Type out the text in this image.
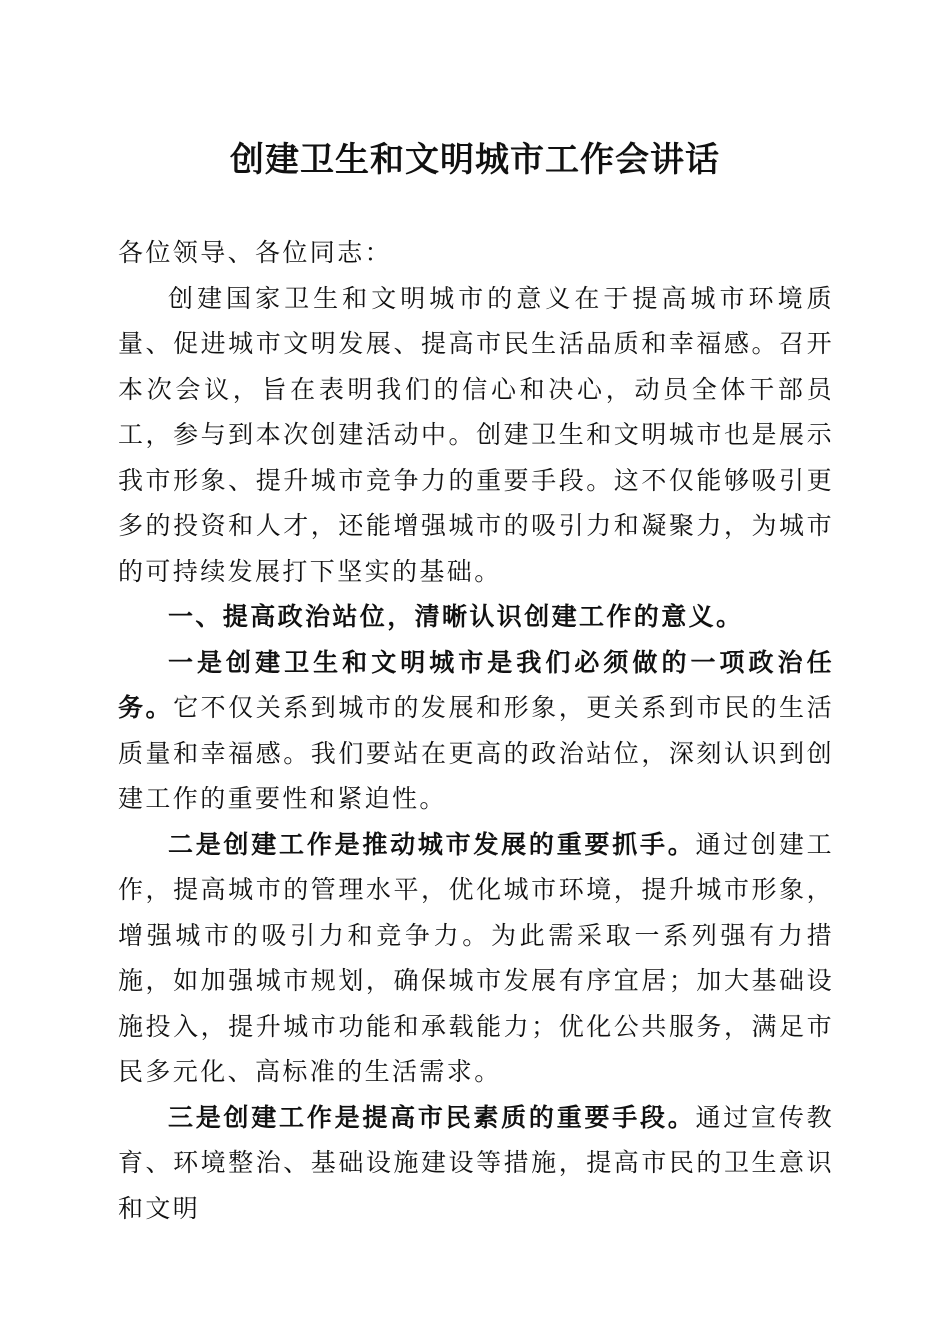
创建卫生和文明城市工作会讲话

各位领导、各位同志：

创建国家卫生和文明城市的意义在于提高城市环境质量、促进城市文明发展、提高市民生活品质和幸福感。召开本次会议，旨在表明我们的信心和决心，动员全体干部员工，参与到本次创建活动中。创建卫生和文明城市也是展示我市形象、提升城市竞争力的重要手段。这不仅能够吸引更多的投资和人才，还能增强城市的吸引力和凝聚力，为城市的可持续发展打下坚实的基础。

一、提高政治站位，清晰认识创建工作的意义。

一是创建卫生和文明城市是我们必须做的一项政治任务。它不仅关系到城市的发展和形象，更关系到市民的生活质量和幸福感。我们要站在更高的政治站位，深刻认识到创建工作的重要性和紧迫性。

二是创建工作是推动城市发展的重要抓手。通过创建工作，提高城市的管理水平，优化城市环境，提升城市形象，增强城市的吸引力和竞争力。为此需采取一系列强有力措施，如加强城市规划，确保城市发展有序宜居；加大基础设施投入，提升城市功能和承载能力；优化公共服务，满足市民多元化、高标准的生活需求。

三是创建工作是提高市民素质的重要手段。通过宣传教育、环境整治、基础设施建设等措施，提高市民的卫生意识和文明
